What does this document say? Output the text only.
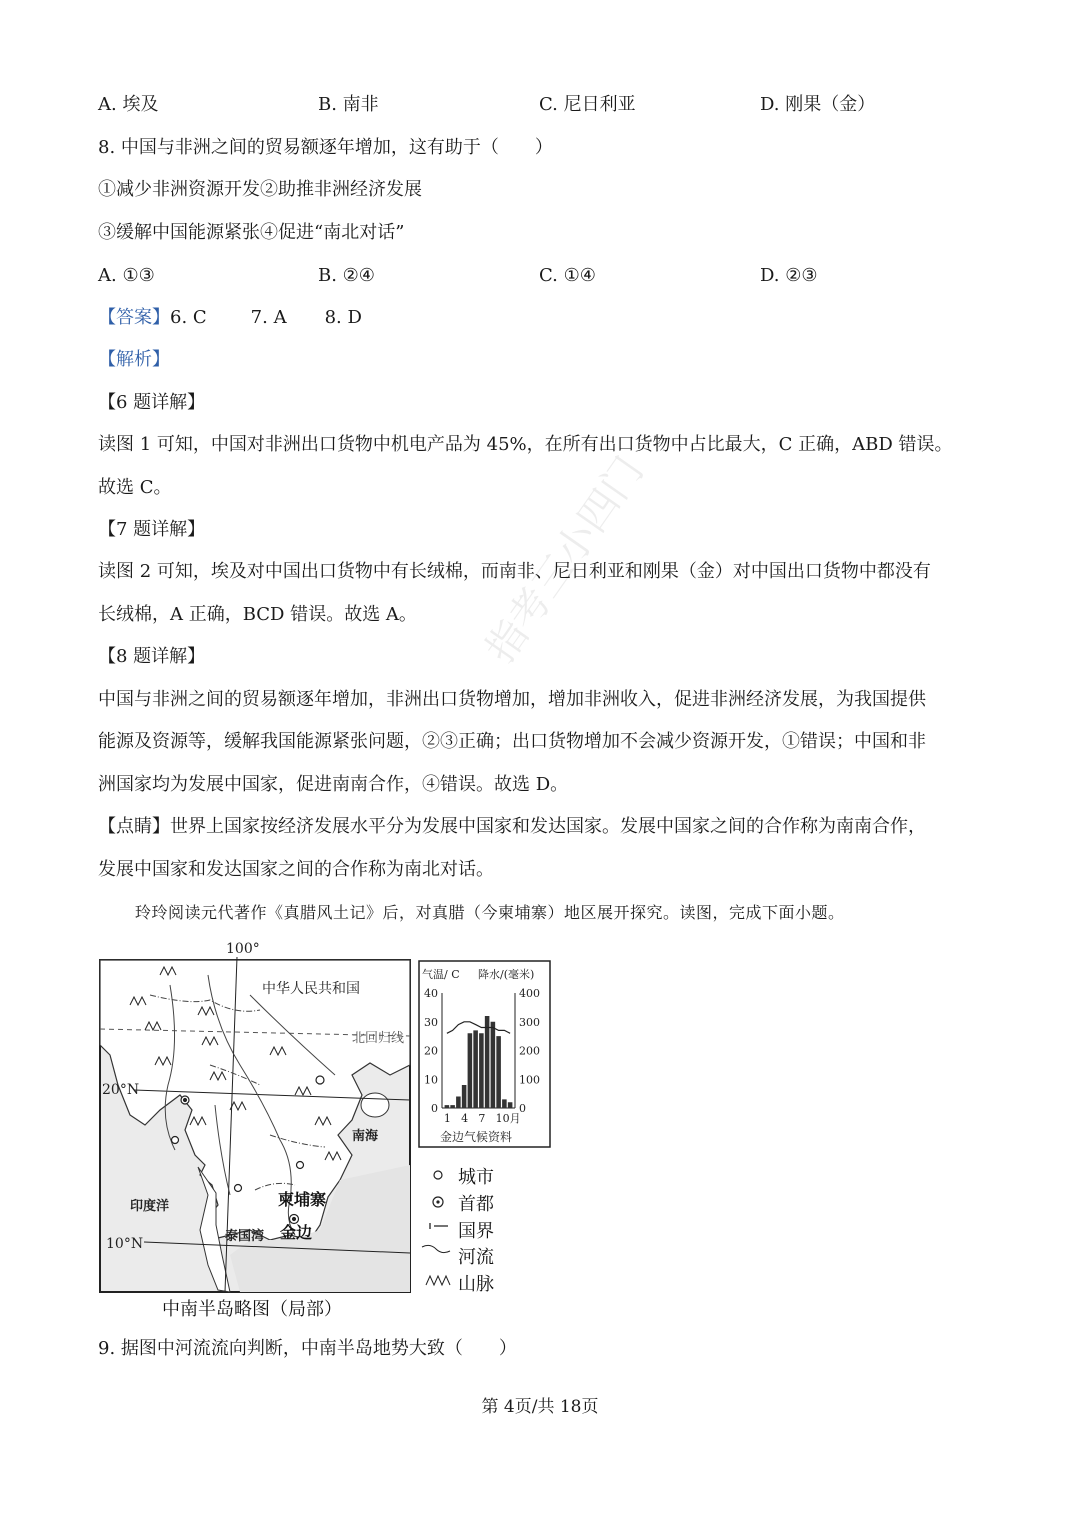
A. 埃及	B. 南非	C. 尼日利亚	D. 刚果（金）
8. 中国与非洲之间的贸易额逐年增加，这有助于（　　）
①减少非洲资源开发②助推非洲经济发展
③缓解中国能源紧张④促进“南北对话”
A. ①③	B. ②④	C. ①④	D. ②③
【答案】6. C 7. A 8. D
【解析】
【6 题详解】
读图 1 可知，中国对非洲出口货物中机电产品为 45%，在所有出口货物中占比最大，C 正确，ABD 错误。
故选 C。
【7 题详解】
读图 2 可知，埃及对中国出口货物中有长绒棉，而南非、尼日利亚和刚果（金）对中国出口货物中都没有
长绒棉，A 正确，BCD 错误。故选 A。
【8 题详解】
中国与非洲之间的贸易额逐年增加，非洲出口货物增加，增加非洲收入，促进非洲经济发展，为我国提供
能源及资源等，缓解我国能源紧张问题，②③正确；出口货物增加不会减少资源开发，①错误；中国和非
洲国家均为发展中国家，促进南南合作，④错误。故选 D。
【点睛】世界上国家按经济发展水平分为发展中国家和发达国家。发展中国家之间的合作称为南南合作，
发展中国家和发达国家之间的合作称为南北对话。
玲玲阅读元代著作《真腊风土记》后，对真腊（今柬埔寨）地区展开探究。读图，完成下面小题。
100°
20°N
10°N
中华人民共和国
北回归线
南海
印度洋
泰国湾
柬埔寨
金边
中南半岛略图（局部）
城市
首都
国界
河流
山脉
气温/ C 降水/(毫米)
40
30
20
10
0
400
300
200
100
0
1 4 7 10月
金边气候资料
9. 据图中河流流向判断，中南半岛地势大致（　　）
第 4页/共 18页
指考三小四门
